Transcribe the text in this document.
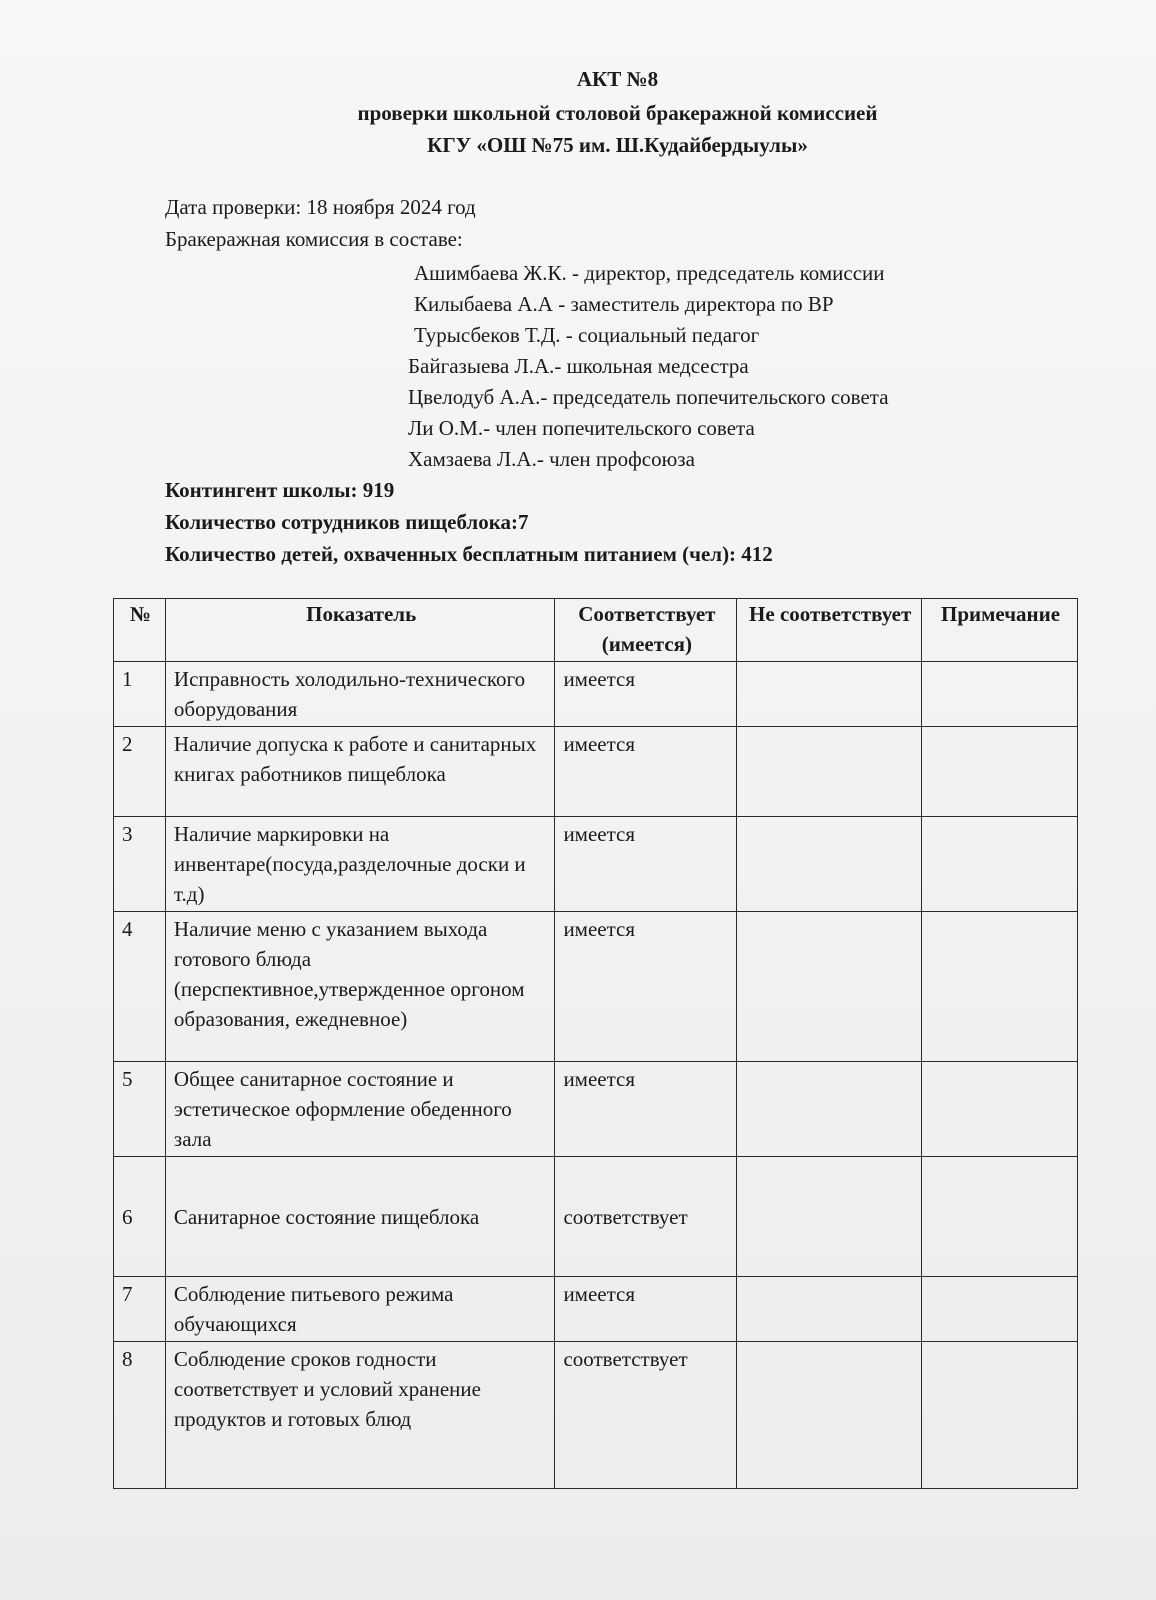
АКТ №8
проверки школьной столовой бракеражной комиссией
КГУ «ОШ №75 им. Ш.Кудайбердыулы»
Дата проверки: 18 ноября 2024 год
Бракеражная комиссия в составе:
Ашимбаева Ж.К. - директор, председатель комиссии
Килыбаева А.А - заместитель директора по ВР
Турысбеков Т.Д. - социальный педагог
Байгазыева Л.А.- школьная медсестра
Цвелодуб А.А.- председатель попечительского совета
Ли О.М.- член попечительского совета
Хамзаева Л.А.- член профсоюза
Контингент школы: 919
Количество сотрудников пищеблока:7
Количество детей, охваченных бесплатным питанием (чел): 412
№	Показатель	Соответствует (имеется)	Не соответствует	Примечание
1	Исправность холодильно-технического оборудования	имеется		
2	Наличие допуска к работе и санитарных книгах работников пищеблока	имеется		
3	Наличие маркировки на инвентаре(посуда,разделочные доски и т.д)	имеется		
4	Наличие меню с указанием выхода готового блюда (перспективное,утвержденное оргоном образования, ежедневное)	имеется		
5	Общее санитарное состояние и эстетическое оформление обеденного зала	имеется		
6	Санитарное состояние пищеблока	соответствует		
7	Соблюдение питьевого режима обучающихся	имеется		
8	Соблюдение сроков годности соответствует и условий хранение продуктов и готовых блюд	соответствует		
